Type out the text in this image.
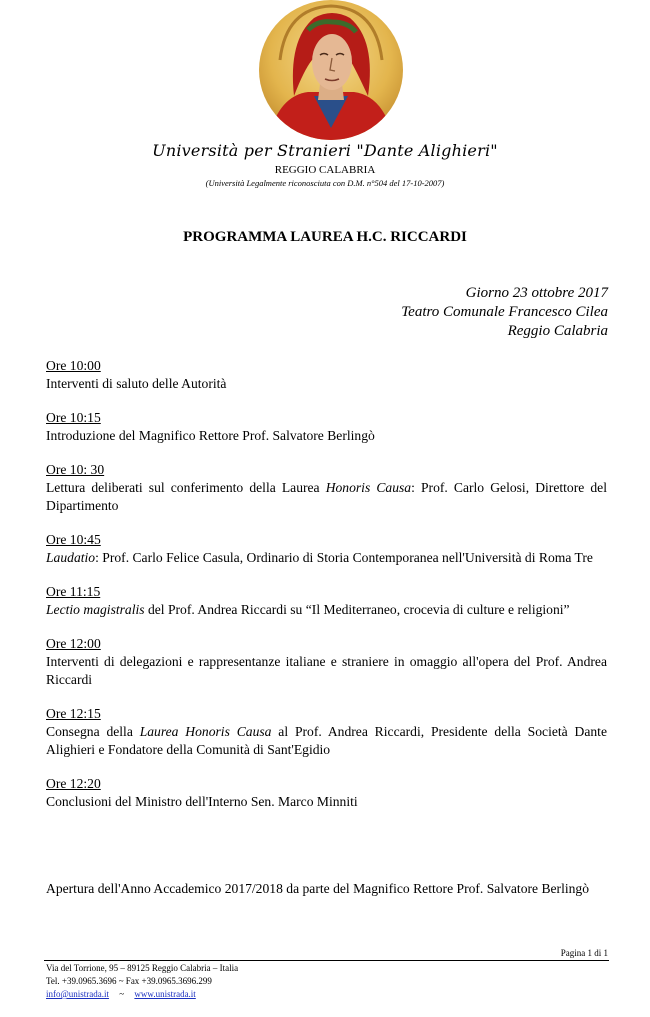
Università per Stranieri "Dante Alighieri"
REGGIO CALABRIA
(Università Legalmente riconosciuta con D.M. n°504 del 17-10-2007)
PROGRAMMA LAUREA H.C. RICCARDI
Giorno 23 ottobre 2017
Teatro Comunale Francesco Cilea
Reggio Calabria
Ore 10:00
Interventi di saluto delle Autorità
Ore 10:15
Introduzione del Magnifico Rettore Prof. Salvatore Berlingò
Ore 10: 30
Lettura deliberati sul conferimento della Laurea Honoris Causa: Prof. Carlo Gelosi, Direttore del Dipartimento
Ore 10:45
Laudatio: Prof. Carlo Felice Casula, Ordinario di Storia Contemporanea nell'Università di Roma Tre
Ore 11:15
Lectio magistralis del Prof. Andrea Riccardi su “Il Mediterraneo, crocevia di culture e religioni”
Ore 12:00
Interventi di delegazioni e rappresentanze italiane e straniere in omaggio all'opera del Prof. Andrea Riccardi
Ore 12:15
Consegna della Laurea Honoris Causa al Prof. Andrea Riccardi, Presidente della Società Dante Alighieri e Fondatore della Comunità di Sant'Egidio
Ore 12:20
Conclusioni del Ministro dell'Interno Sen. Marco Minniti
Apertura dell'Anno Accademico 2017/2018 da parte del Magnifico Rettore Prof. Salvatore Berlingò
Pagina 1 di 1
Via del Torrione, 95 – 89125 Reggio Calabria – Italia
Tel. +39.0965.3696 ~ Fax +39.0965.3696.299
info@unistrada.it ~ www.unistrada.it
